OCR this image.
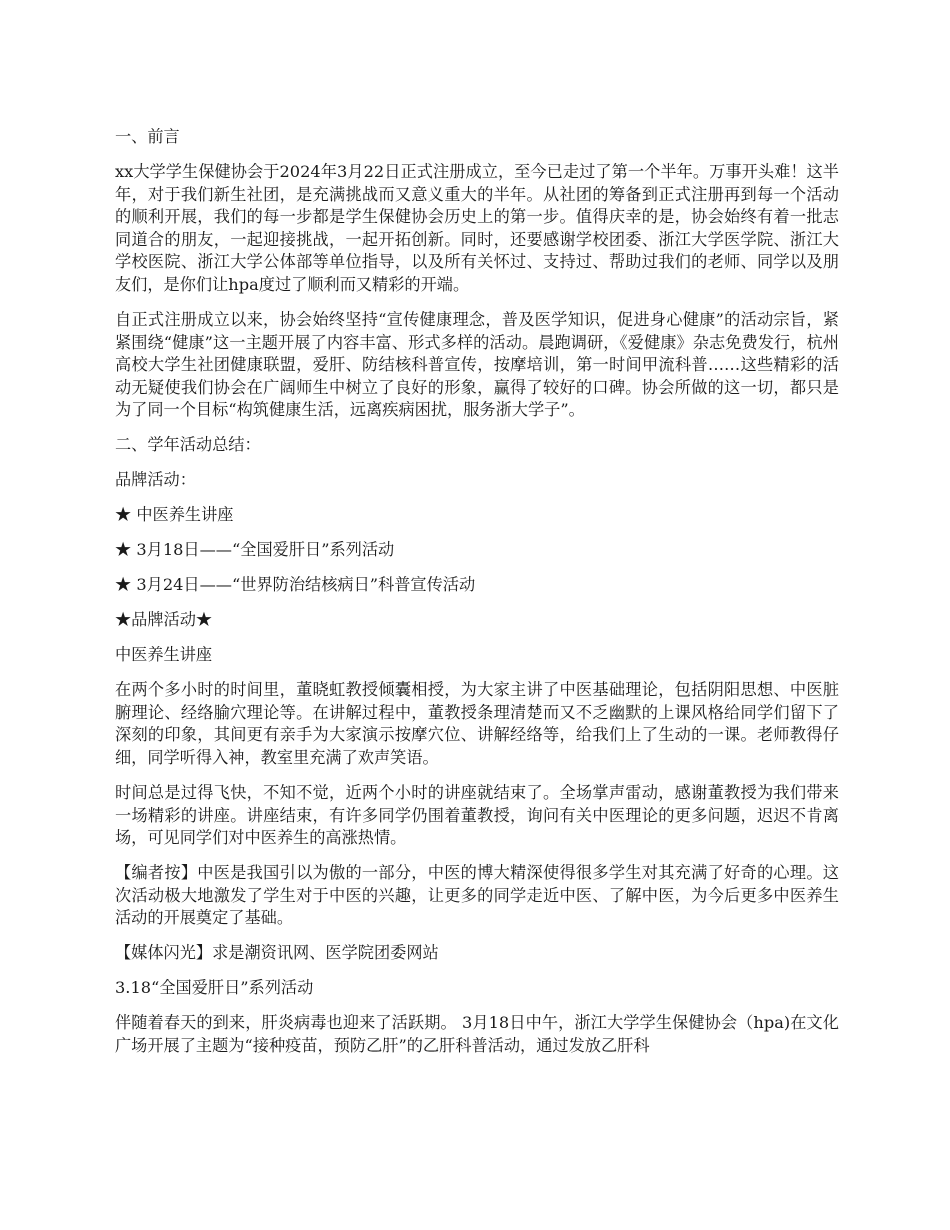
一、前言

xx大学学生保健协会于2024年3月22日正式注册成立，至今已走过了第一个半年。万事开头难！这半年，对于我们新生社团，是充满挑战而又意义重大的半年。从社团的筹备到正式注册再到每一个活动的顺利开展，我们的每一步都是学生保健协会历史上的第一步。值得庆幸的是，协会始终有着一批志同道合的朋友，一起迎接挑战，一起开拓创新。同时，还要感谢学校团委、浙江大学医学院、浙江大学校医院、浙江大学公体部等单位指导，以及所有关怀过、支持过、帮助过我们的老师、同学以及朋友们，是你们让hpa度过了顺利而又精彩的开端。

自正式注册成立以来，协会始终坚持“宣传健康理念，普及医学知识，促进身心健康”的活动宗旨，紧紧围绕“健康”这一主题开展了内容丰富、形式多样的活动。晨跑调研，《爱健康》杂志免费发行，杭州高校大学生社团健康联盟，爱肝、防结核科普宣传，按摩培训，第一时间甲流科普……这些精彩的活动无疑使我们协会在广阔师生中树立了良好的形象，赢得了较好的口碑。协会所做的这一切，都只是为了同一个目标“构筑健康生活，远离疾病困扰，服务浙大学子”。

二、学年活动总结：

品牌活动：

★ 中医养生讲座

★ 3月18日——“全国爱肝日”系列活动

★ 3月24日——“世界防治结核病日”科普宣传活动

★品牌活动★

中医养生讲座

在两个多小时的时间里，董晓虹教授倾囊相授，为大家主讲了中医基础理论，包括阴阳思想、中医脏腑理论、经络腧穴理论等。在讲解过程中，董教授条理清楚而又不乏幽默的上课风格给同学们留下了深刻的印象，其间更有亲手为大家演示按摩穴位、讲解经络等，给我们上了生动的一课。老师教得仔细，同学听得入神，教室里充满了欢声笑语。

时间总是过得飞快，不知不觉，近两个小时的讲座就结束了。全场掌声雷动，感谢董教授为我们带来一场精彩的讲座。讲座结束，有许多同学仍围着董教授，询问有关中医理论的更多问题，迟迟不肯离场，可见同学们对中医养生的高涨热情。

【编者按】中医是我国引以为傲的一部分，中医的博大精深使得很多学生对其充满了好奇的心理。这次活动极大地激发了学生对于中医的兴趣，让更多的同学走近中医、了解中医，为今后更多中医养生活动的开展奠定了基础。

【媒体闪光】求是潮资讯网、医学院团委网站

3.18“全国爱肝日”系列活动

伴随着春天的到来，肝炎病毒也迎来了活跃期。 3月18日中午，浙江大学学生保健协会（hpa)在文化广场开展了主题为“接种疫苗，预防乙肝”的乙肝科普活动，通过发放乙肝科
